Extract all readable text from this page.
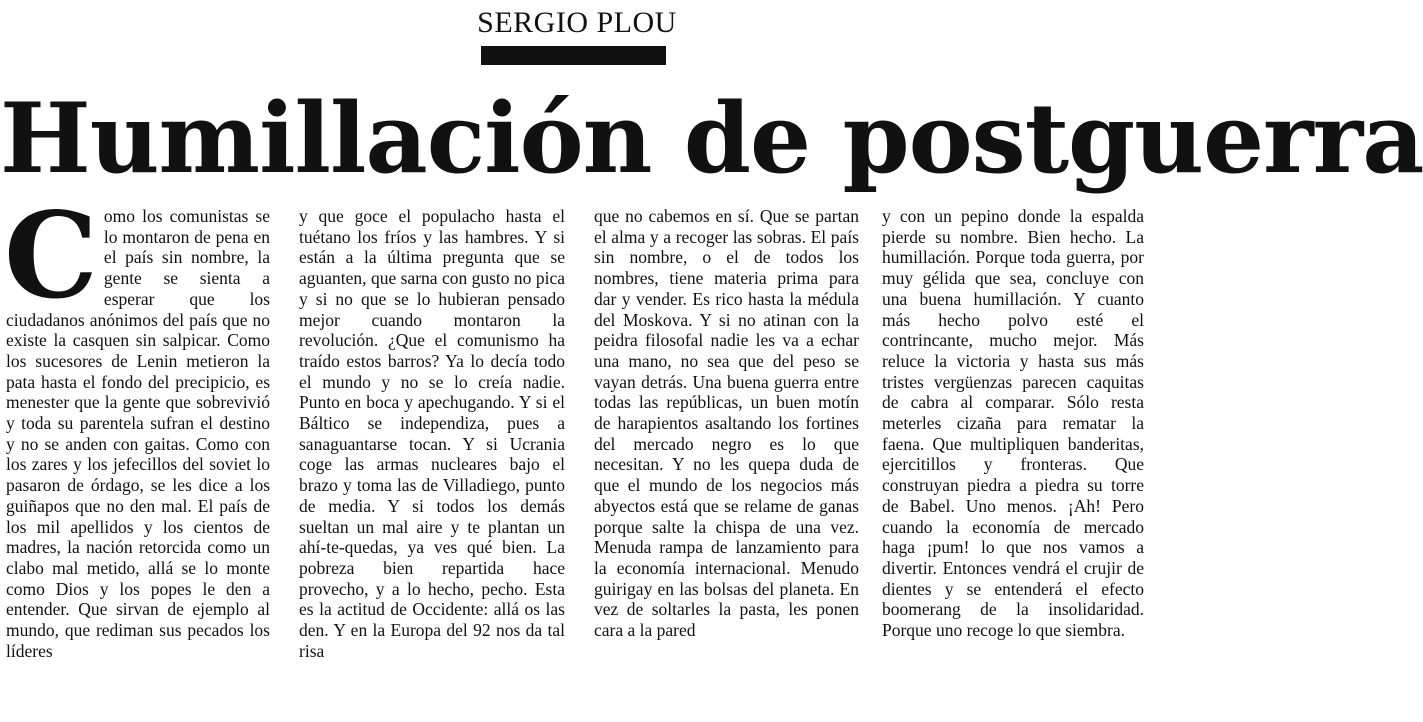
SERGIO PLOU
Humillación de postguerra

C omo los comunistas se lo montaron de pena en el país sin nombre, la gente se sienta a esperar que los ciudadanos anónimos del país que no existe la casquen sin salpicar. Como los sucesores de Lenin metieron la pata hasta el fondo del precipicio, es menester que la gente que sobrevivió y toda su parentela sufran el destino y no se anden con gaitas. Como con los zares y los jefecillos del soviet lo pasaron de órdago, se les dice a los guiñapos que no den mal. El país de los mil apellidos y los cientos de madres, la nación retorcida como un clabo mal metido, allá se lo monte como Dios y los popes le den a entender. Que sirvan de ejemplo al mundo, que rediman sus pecados los líderes

y que goce el populacho hasta el tuétano los fríos y las hambres. Y si están a la última pregunta que se aguanten, que sarna con gusto no pica y si no que se lo hubieran pensado mejor cuando montaron la revolución. ¿Que el comunismo ha traído estos barros? Ya lo decía todo el mundo y no se lo creía nadie. Punto en boca y apechugando. Y si el Báltico se independiza, pues a sanaguantarse tocan. Y si Ucrania coge las armas nucleares bajo el brazo y toma las de Villadiego, punto de media. Y si todos los demás sueltan un mal aire y te plantan un ahí-te-quedas, ya ves qué bien. La pobreza bien repartida hace provecho, y a lo hecho, pecho. Esta es la actitud de Occidente: allá os las den. Y en la Europa del 92 nos da tal risa

que no cabemos en sí. Que se partan el alma y a recoger las sobras. El país sin nombre, o el de todos los nombres, tiene materia prima para dar y vender. Es rico hasta la médula del Moskova. Y si no atinan con la peidra filosofal nadie les va a echar una mano, no sea que del peso se vayan detrás. Una buena guerra entre todas las repúblicas, un buen motín de harapientos asaltando los fortines del mercado negro es lo que necesitan. Y no les quepa duda de que el mundo de los negocios más abyectos está que se relame de ganas porque salte la chispa de una vez. Menuda rampa de lanzamiento para la economía internacional. Menudo guirigay en las bolsas del planeta. En vez de soltarles la pasta, les ponen cara a la pared

y con un pepino donde la espalda pierde su nombre. Bien hecho. La humillación. Porque toda guerra, por muy gélida que sea, concluye con una buena humillación. Y cuanto más hecho polvo esté el contrincante, mucho mejor. Más reluce la victoria y hasta sus más tristes vergüenzas parecen caquitas de cabra al comparar. Sólo resta meterles cizaña para rematar la faena. Que multipliquen banderitas, ejercitillos y fronteras. Que construyan piedra a piedra su torre de Babel. Uno menos. ¡Ah! Pero cuando la economía de mercado haga ¡pum! lo que nos vamos a divertir. Entonces vendrá el crujir de dientes y se entenderá el efecto boomerang de la insolidaridad. Porque uno recoge lo que siembra.
